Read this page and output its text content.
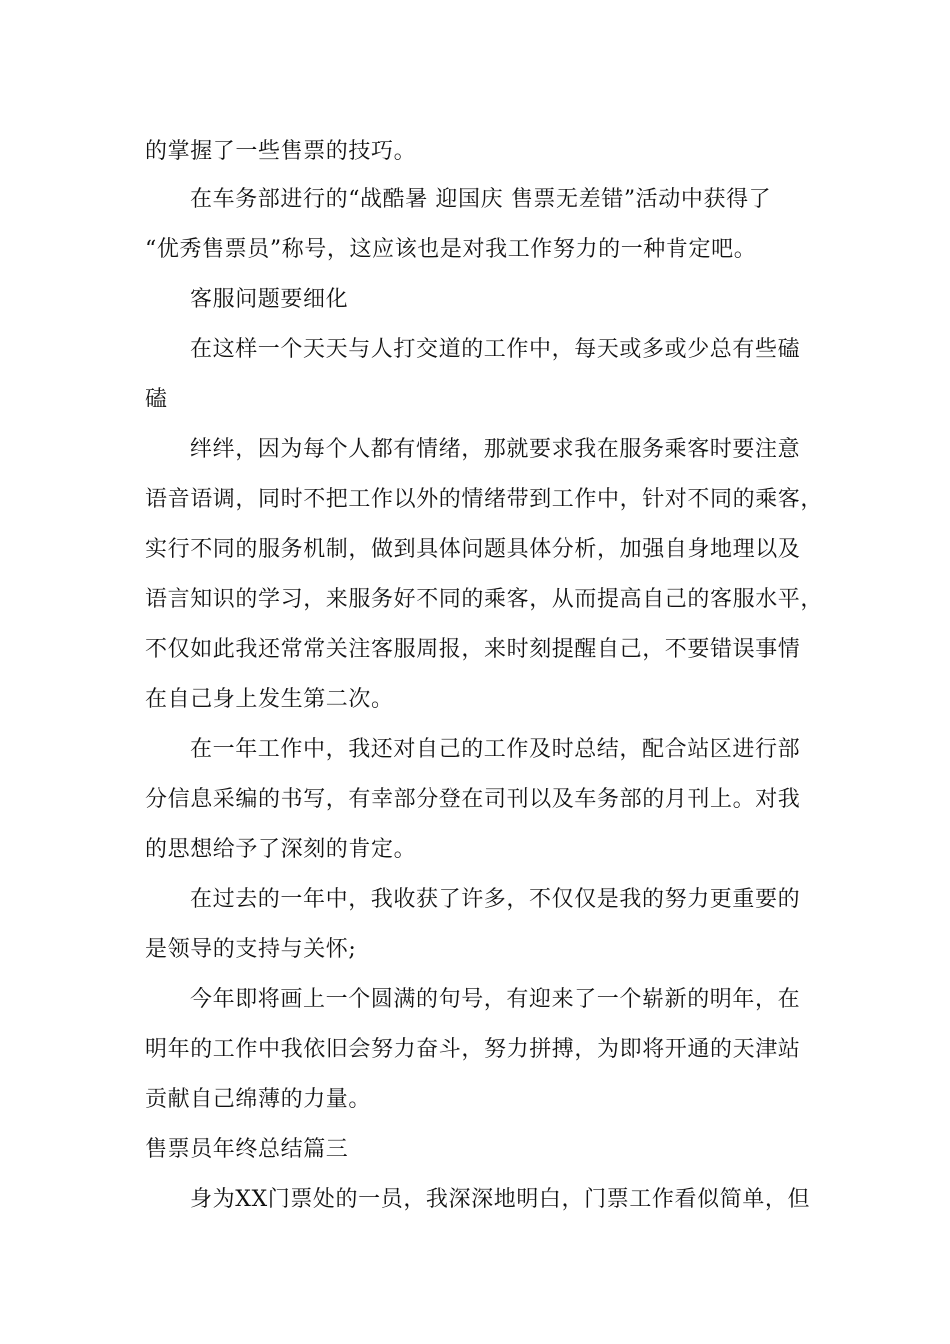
的掌握了一些售票的技巧。
在车务部进行的“战酷暑 迎国庆 售票无差错”活动中获得了
“优秀售票员”称号，这应该也是对我工作努力的一种肯定吧。
客服问题要细化
在这样一个天天与人打交道的工作中，每天或多或少总有些磕
磕
绊绊，因为每个人都有情绪，那就要求我在服务乘客时要注意
语音语调，同时不把工作以外的情绪带到工作中，针对不同的乘客，
实行不同的服务机制，做到具体问题具体分析，加强自身地理以及
语言知识的学习，来服务好不同的乘客，从而提高自己的客服水平，
不仅如此我还常常关注客服周报，来时刻提醒自己，不要错误事情
在自己身上发生第二次。
在一年工作中，我还对自己的工作及时总结，配合站区进行部
分信息采编的书写，有幸部分登在司刊以及车务部的月刊上。对我
的思想给予了深刻的肯定。
在过去的一年中，我收获了许多，不仅仅是我的努力更重要的
是领导的支持与关怀;
今年即将画上一个圆满的句号，有迎来了一个崭新的明年，在
明年的工作中我依旧会努力奋斗，努力拼搏，为即将开通的天津站
贡献自己绵薄的力量。
售票员年终总结篇三
身为XX门票处的一员，我深深地明白，门票工作看似简单，但
